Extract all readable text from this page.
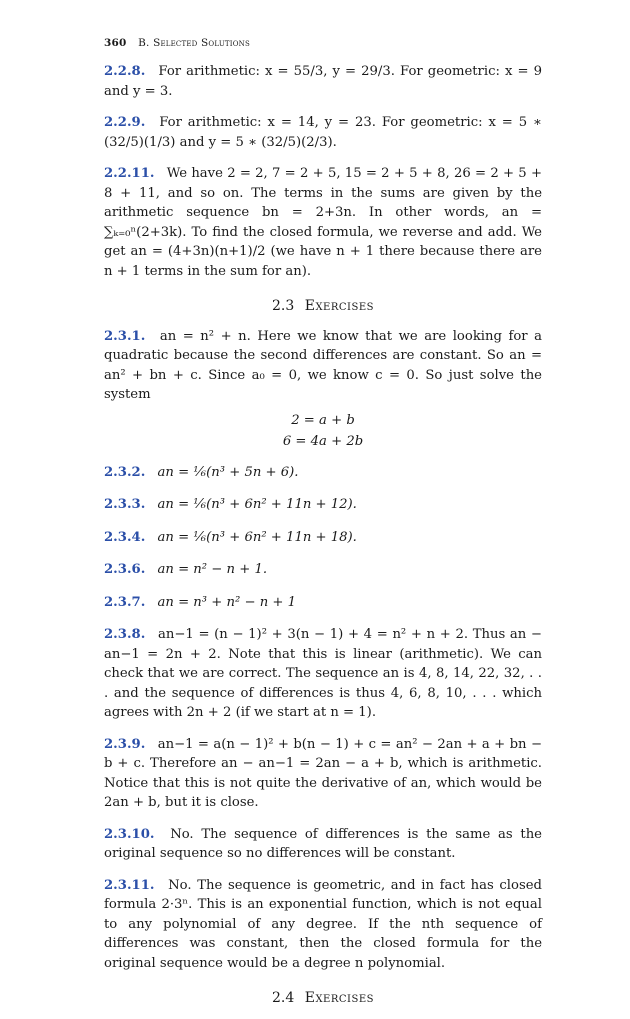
360 B. Selected Solutions

2.2.8. For arithmetic: x = 55/3, y = 29/3. For geometric: x = 9 and y = 3.

2.2.9. For arithmetic: x = 14, y = 23. For geometric: x = 5 ∗ (32/5)(1/3) and y = 5 ∗ (32/5)(2/3).

2.2.11. We have 2 = 2, 7 = 2 + 5, 15 = 2 + 5 + 8, 26 = 2 + 5 + 8 + 11, and so on. The terms in the sums are given by the arithmetic sequence bn = 2+3n. In other words, an = ∑ₖ₌₀ⁿ(2+3k). To find the closed formula, we reverse and add. We get an = (4+3n)(n+1)/2 (we have n + 1 there because there are n + 1 terms in the sum for an).

2.3 Exercises

2.3.1. an = n² + n. Here we know that we are looking for a quadratic because the second differences are constant. So an = an² + bn + c. Since a₀ = 0, we know c = 0. So just solve the system

2 = a + b
6 = 4a + 2b

2.3.2. an = ⅙(n³ + 5n + 6).

2.3.3. an = ⅙(n³ + 6n² + 11n + 12).

2.3.4. an = ⅙(n³ + 6n² + 11n + 18).

2.3.6. an = n² − n + 1.

2.3.7. an = n³ + n² − n + 1

2.3.8. an−1 = (n − 1)² + 3(n − 1) + 4 = n² + n + 2. Thus an − an−1 = 2n + 2. Note that this is linear (arithmetic). We can check that we are correct. The sequence an is 4, 8, 14, 22, 32, . . . and the sequence of differences is thus 4, 6, 8, 10, . . . which agrees with 2n + 2 (if we start at n = 1).

2.3.9. an−1 = a(n − 1)² + b(n − 1) + c = an² − 2an + a + bn − b + c. Therefore an − an−1 = 2an − a + b, which is arithmetic. Notice that this is not quite the derivative of an, which would be 2an + b, but it is close.

2.3.10. No. The sequence of differences is the same as the original sequence so no differences will be constant.

2.3.11. No. The sequence is geometric, and in fact has closed formula 2·3ⁿ. This is an exponential function, which is not equal to any polynomial of any degree. If the nth sequence of differences was constant, then the closed formula for the original sequence would be a degree n polynomial.

2.4 Exercises
